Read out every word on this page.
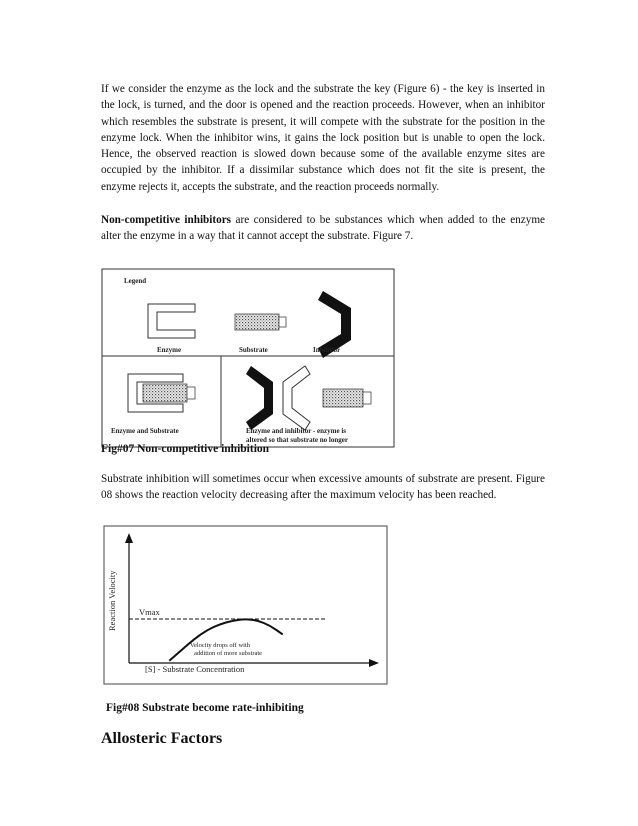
If we consider the enzyme as the lock and the substrate the key (Figure 6) - the key is inserted in the lock, is turned, and the door is opened and the reaction proceeds. However, when an inhibitor which resembles the substrate is present, it will compete with the substrate for the position in the enzyme lock. When the inhibitor wins, it gains the lock position but is unable to open the lock. Hence, the observed reaction is slowed down because some of the available enzyme sites are occupied by the inhibitor. If a dissimilar substance which does not fit the site is present, the enzyme rejects it, accepts the substrate, and the reaction proceeds normally.

Non-competitive inhibitors are considered to be substances which when added to the enzyme alter the enzyme in a way that it cannot accept the substrate. Figure 7.

Legend
Enzyme	Substrate	Inhibitor
Enzyme and Substrate	Enzyme and inhibitor - enzyme is
altered so that substrate no longer
Fig#07 Non-competitive inhibition

Substrate inhibition will sometimes occur when excessive amounts of substrate are present. Figure 08 shows the reaction velocity decreasing after the maximum velocity has been reached.

Reaction Velocity	Vmax
Velocity drops off with
addition of more substrate
[S] - Substrate Concentration
Fig#08 Substrate become rate-inhibiting
Allosteric Factors
